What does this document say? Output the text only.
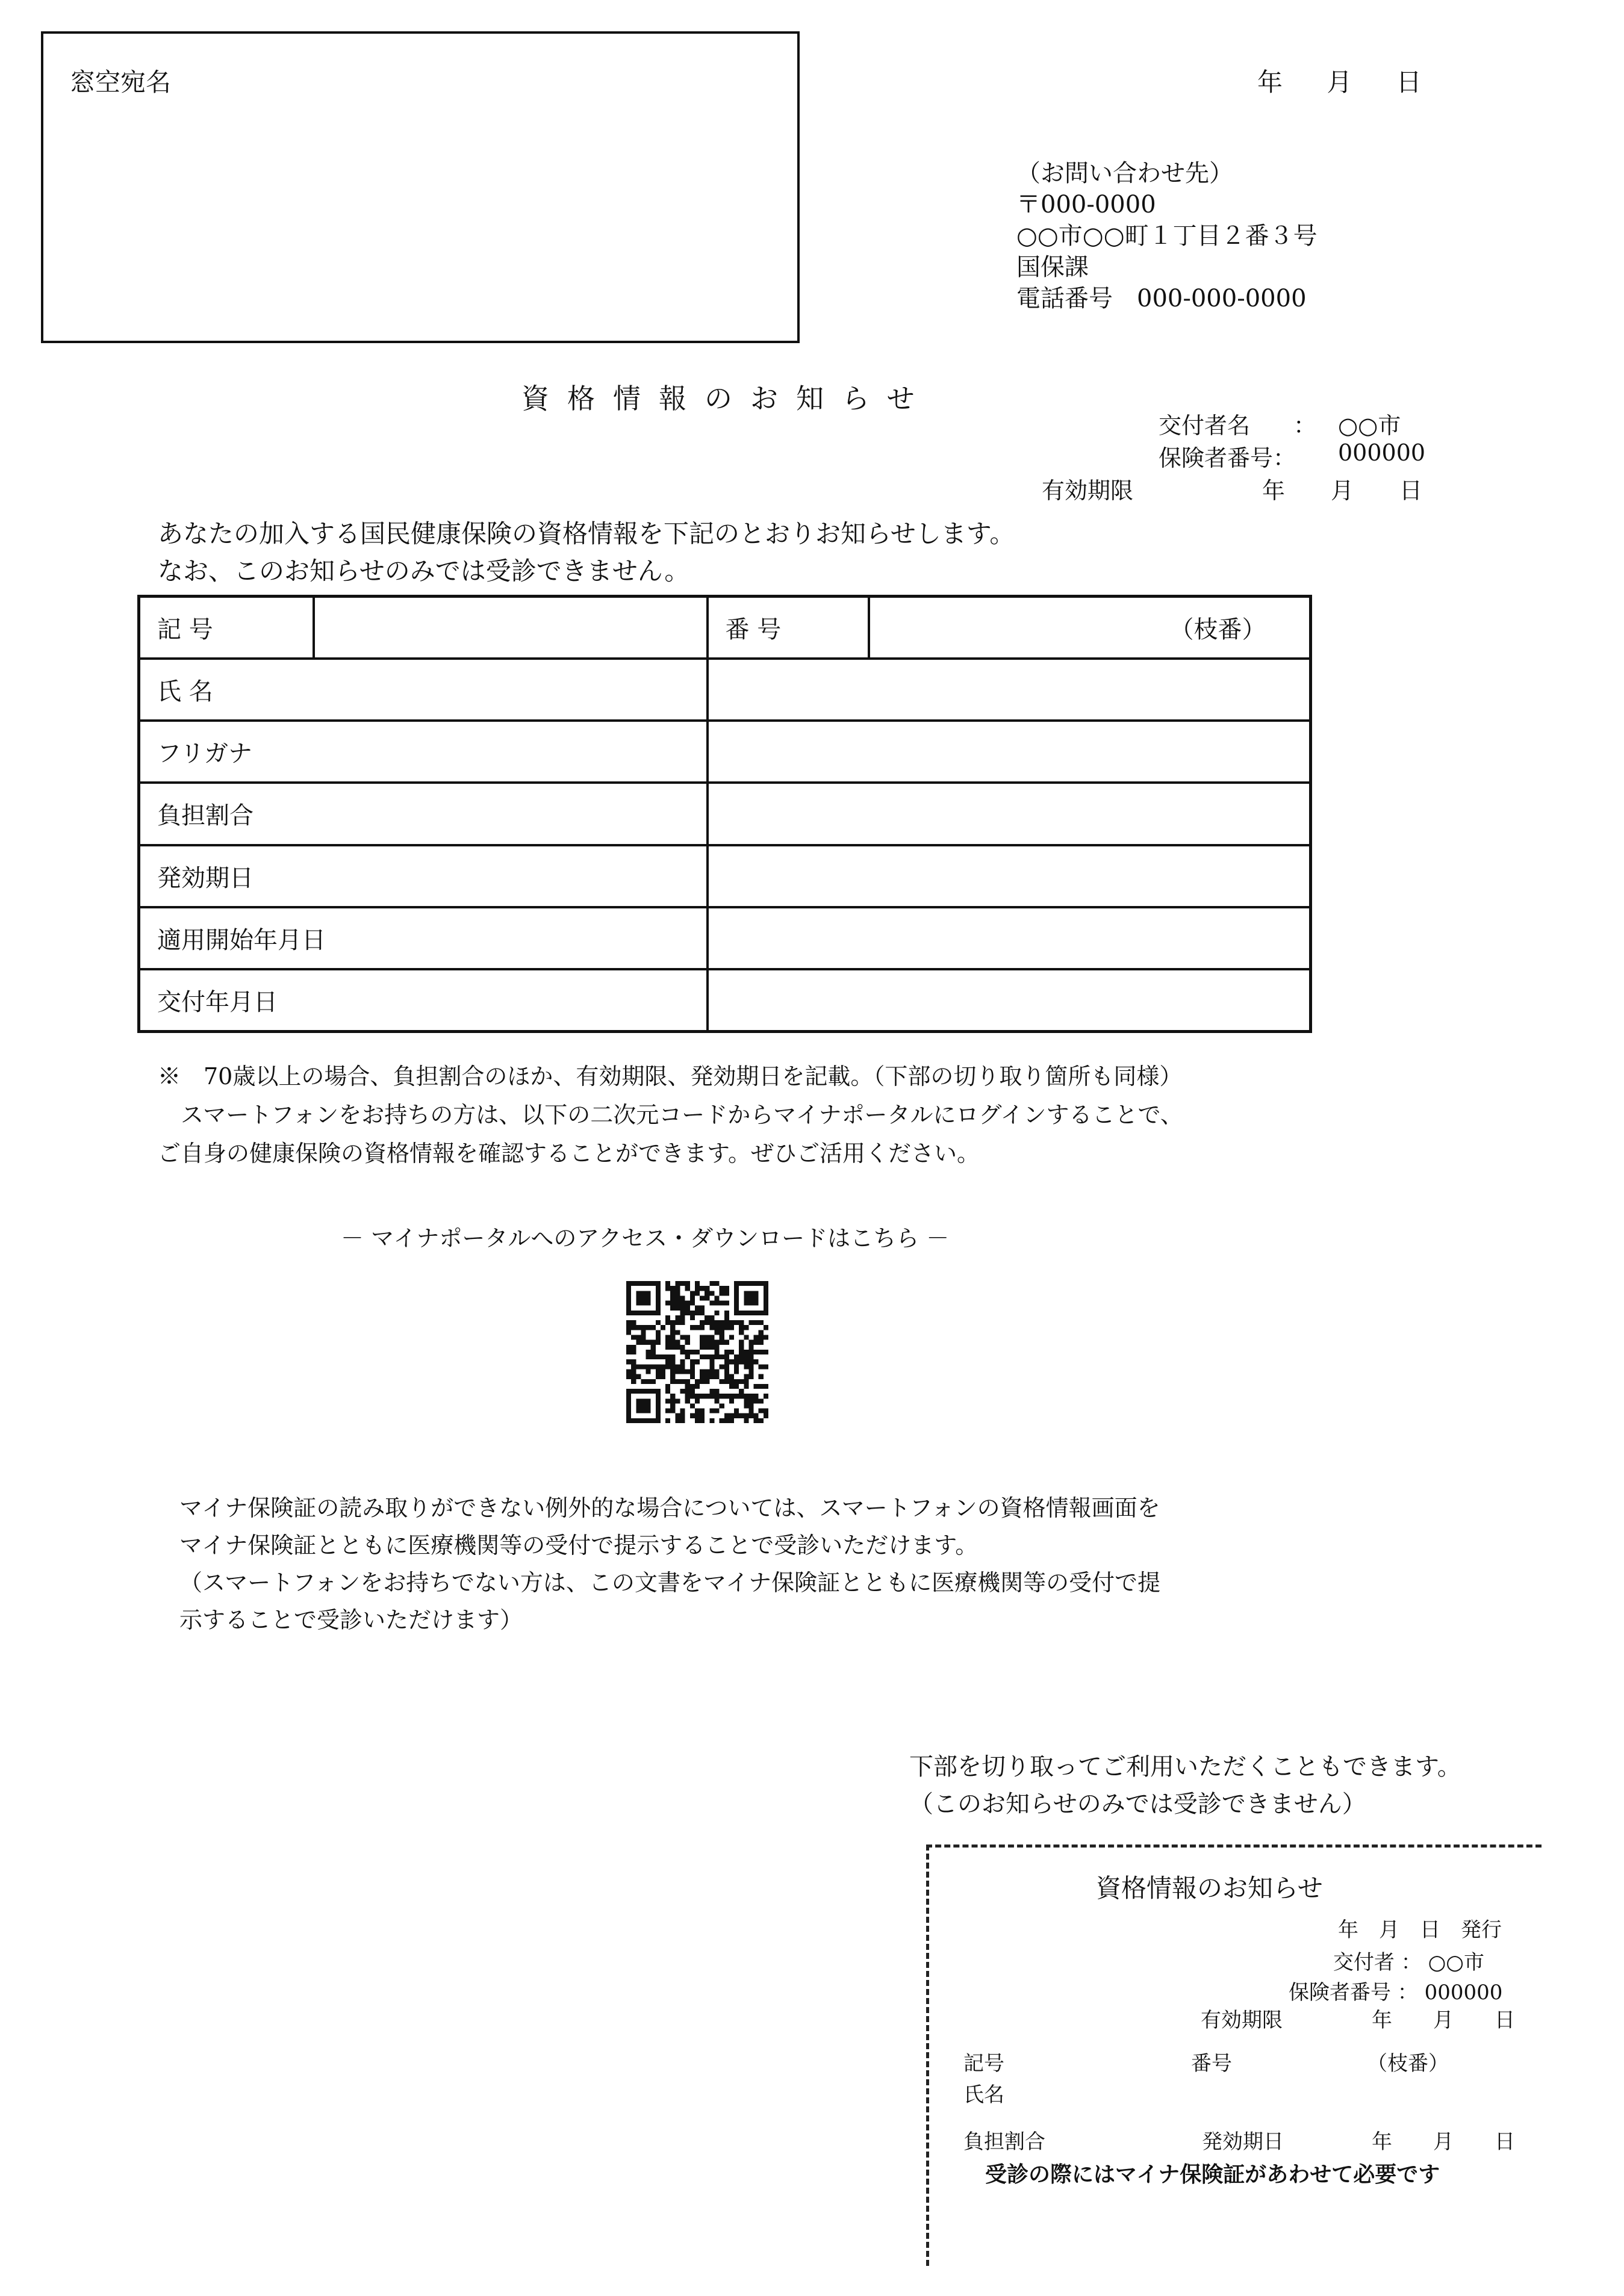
窓空宛名	年 月 日
（お問い合わせ先）
〒000-0000
○○市○○町１丁目２番３号
国保課
電話番号　000-000-0000
資格情報のお知らせ
交付者名 ： ○○市
保険者番号： 000000
有効期限	年　　月　　日
あなたの加入する国民健康保険の資格情報を下記のとおりお知らせします。
なお、このお知らせのみでは受診できません。
記 号		番 号	（枝番）
氏 名			
フリガナ			
負担割合			
発効期日			
適用開始年月日			
交付年月日			
※　70歳以上の場合、負担割合のほか、有効期限、発効期日を記載。（下部の切り取り箇所も同様）
　スマートフォンをお持ちの方は、以下の二次元コードからマイナポータルにログインすることで、
ご自身の健康保険の資格情報を確認することができます。ぜひご活用ください。
－ マイナポータルへのアクセス・ダウンロードはこちら －
マイナ保険証の読み取りができない例外的な場合については、スマートフォンの資格情報画面を
マイナ保険証とともに医療機関等の受付で提示することで受診いただけます。
（スマートフォンをお持ちでない方は、この文書をマイナ保険証とともに医療機関等の受付で提
示することで受診いただけます）
下部を切り取ってご利用いただくこともできます。
（このお知らせのみでは受診できません）
資格情報のお知らせ
年　月　日　発行
交付者 ： ○○市
保険者番号 ： 000000
有効期限	年　　月　　日
記号	番号	（枝番）
氏名
負担割合	発効期日	年　　月　　日
受診の際にはマイナ保険証があわせて必要です
